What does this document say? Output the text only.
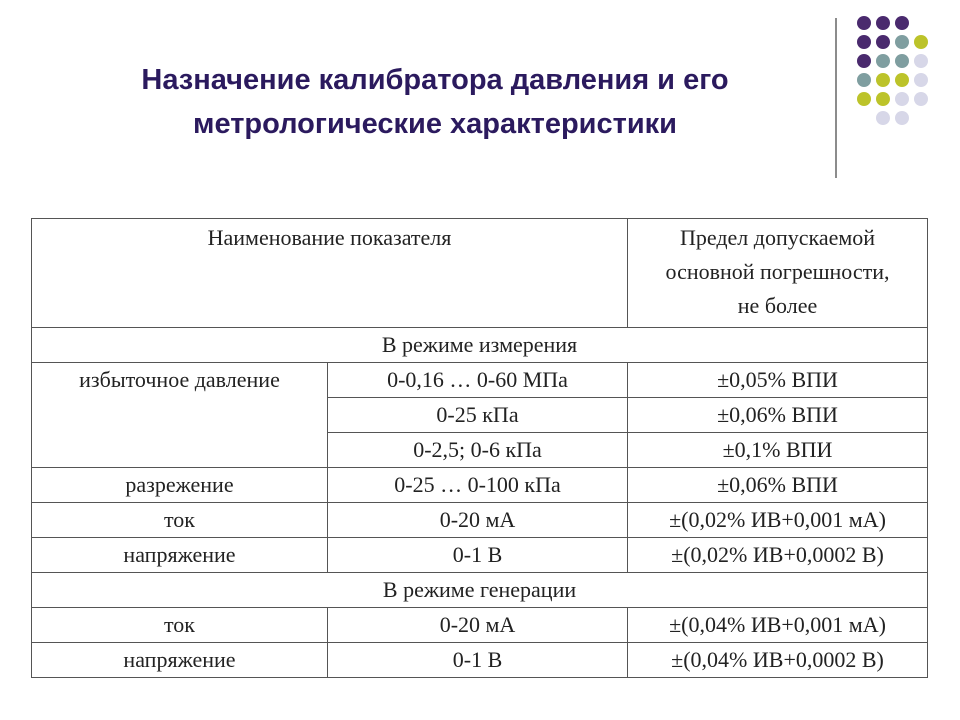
Назначение калибратора давления и его
метрологические характеристики
Наименование показателя		Предел допускаемой
основной погрешности,
не более

В режиме измерения		
избыточное давление	0-0,16 … 0-60 МПа	±0,05% ВПИ
	0-25 кПа	±0,06% ВПИ
	0-2,5; 0-6 кПа	±0,1% ВПИ
разрежение	0-25 … 0-100 кПа	±0,06% ВПИ
ток	0-20 мА	±(0,02% ИВ+0,001 мА)
напряжение	0-1 В	±(0,02% ИВ+0,0002 В)
В режиме генерации		
ток	0-20 мА	±(0,04% ИВ+0,001 мА)
напряжение	0-1 В	±(0,04% ИВ+0,0002 В)
